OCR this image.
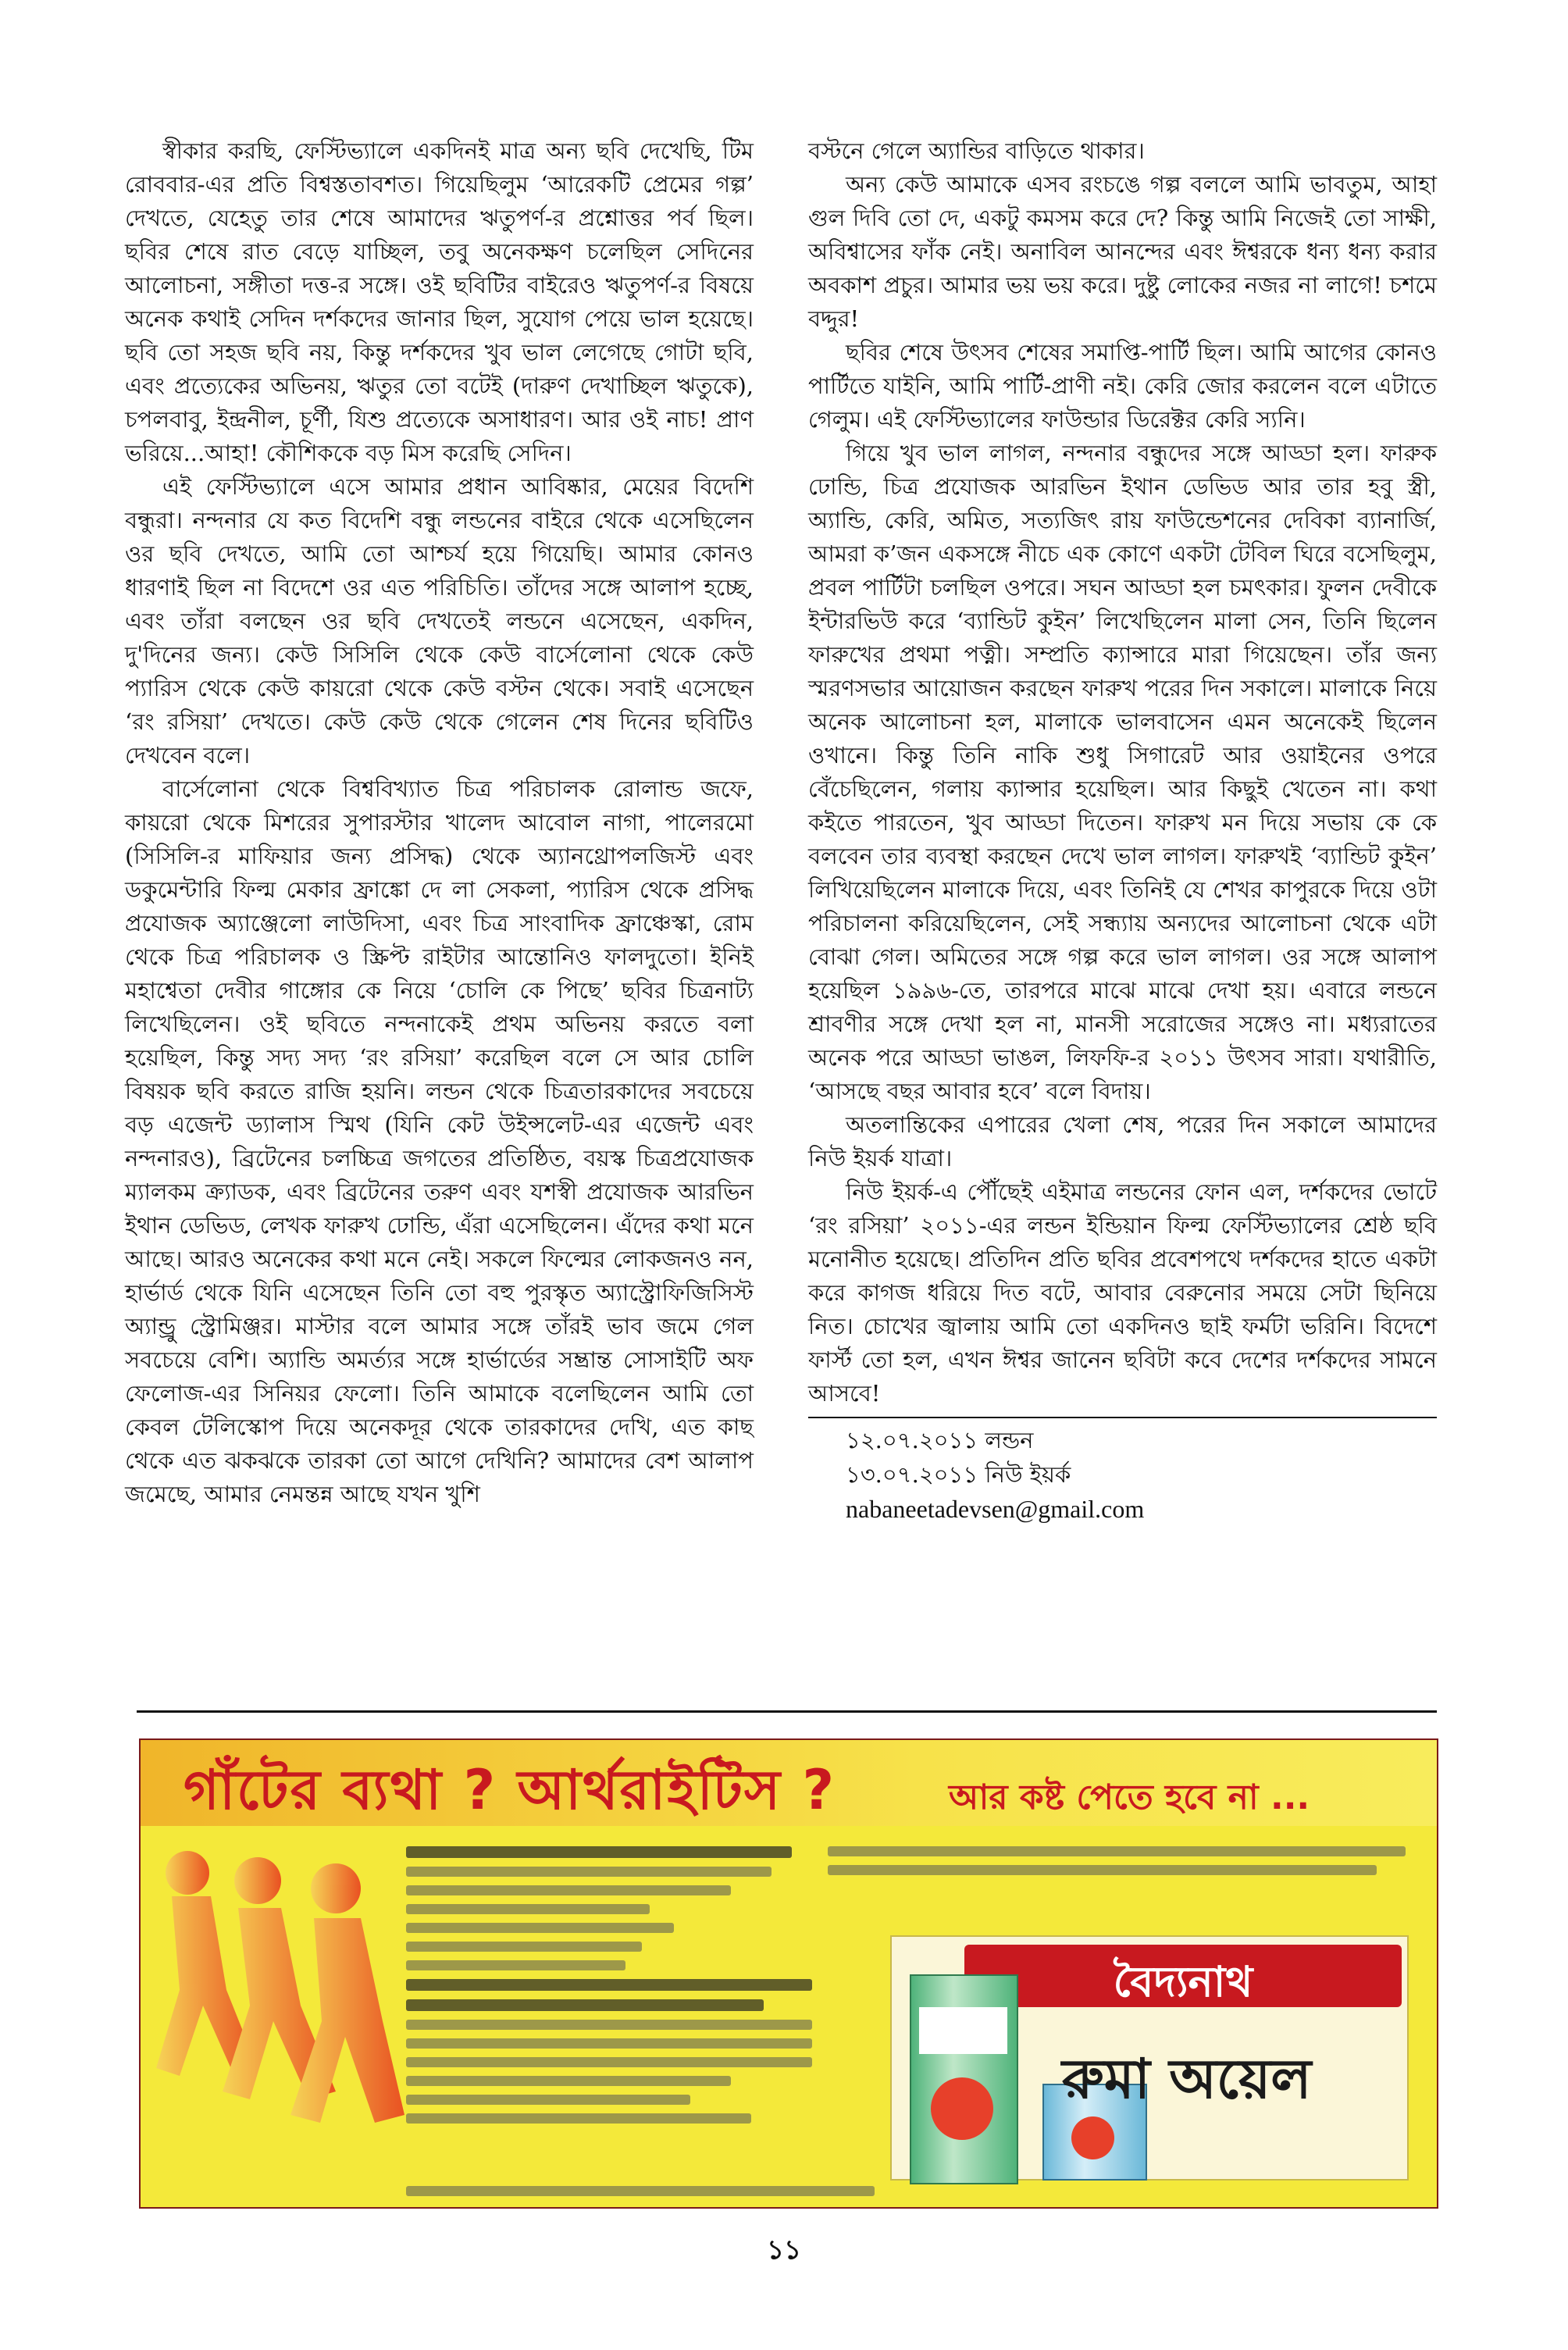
স্বীকার করছি, ফেস্টিভ্যালে একদিনই মাত্র অন্য ছবি দেখেছি, টিম রোববার-এর প্রতি বিশ্বস্ততাবশত। গিয়েছিলুম ‘আরেকটি প্রেমের গল্প’ দেখতে, যেহেতু তার শেষে আমাদের ঋতুপর্ণ-র প্রশ্নোত্তর পর্ব ছিল। ছবির শেষে রাত বেড়ে যাচ্ছিল, তবু অনেকক্ষণ চলেছিল সেদিনের আলোচনা, সঙ্গীতা দত্ত-র সঙ্গে। ওই ছবিটির বাইরেও ঋতুপর্ণ-র বিষয়ে অনেক কথাই সেদিন দর্শকদের জানার ছিল, সুযোগ পেয়ে ভাল হয়েছে। ছবি তো সহজ ছবি নয়, কিন্তু দর্শকদের খুব ভাল লেগেছে গোটা ছবি, এবং প্রত্যেকের অভিনয়, ঋতুর তো বটেই (দারুণ দেখাচ্ছিল ঋতুকে), চপলবাবু, ইন্দ্রনীল, চূর্ণী, যিশু প্রত্যেকে অসাধারণ। আর ওই নাচ! প্রাণ ভরিয়ে...আহা! কৌশিককে বড় মিস করেছি সেদিন।

এই ফেস্টিভ্যালে এসে আমার প্রধান আবিষ্কার, মেয়ের বিদেশি বন্ধুরা। নন্দনার যে কত বিদেশি বন্ধু লন্ডনের বাইরে থেকে এসেছিলেন ওর ছবি দেখতে, আমি তো আশ্চর্য হয়ে গিয়েছি। আমার কোনও ধারণাই ছিল না বিদেশে ওর এত পরিচিতি। তাঁদের সঙ্গে আলাপ হচ্ছে, এবং তাঁরা বলছেন ওর ছবি দেখতেই লন্ডনে এসেছেন, একদিন, দু'দিনের জন্য। কেউ সিসিলি থেকে কেউ বার্সেলোনা থেকে কেউ প্যারিস থেকে কেউ কায়রো থেকে কেউ বস্টন থেকে। সবাই এসেছেন ‘রং রসিয়া’ দেখতে। কেউ কেউ থেকে গেলেন শেষ দিনের ছবিটিও দেখবেন বলে।

বার্সেলোনা থেকে বিশ্ববিখ্যাত চিত্র পরিচালক রোলান্ড জফে, কায়রো থেকে মিশরের সুপারস্টার খালেদ আবোল নাগা, পালেরমো (সিসিলি-র মাফিয়ার জন্য প্রসিদ্ধ) থেকে অ্যানথ্রোপলজিস্ট এবং ডকুমেন্টারি ফিল্ম মেকার ফ্রাঙ্কো দে লা সেকলা, প্যারিস থেকে প্রসিদ্ধ প্রযোজক অ্যাঞ্জেলো লাউদিসা, এবং চিত্র সাংবাদিক ফ্রাঞ্চেস্কা, রোম থেকে চিত্র পরিচালক ও স্ক্রিপ্ট রাইটার আন্তোনিও ফালদুতো। ইনিই মহাশ্বেতা দেবীর গাঙ্গোর কে নিয়ে ‘চোলি কে পিছে’ ছবির চিত্রনাট্য লিখেছিলেন। ওই ছবিতে নন্দনাকেই প্রথম অভিনয় করতে বলা হয়েছিল, কিন্তু সদ্য সদ্য ‘রং রসিয়া’ করেছিল বলে সে আর চোলি বিষয়ক ছবি করতে রাজি হয়নি। লন্ডন থেকে চিত্রতারকাদের সবচেয়ে বড় এজেন্ট ড্যালাস স্মিথ (যিনি কেট উইন্সলেট-এর এজেন্ট এবং নন্দনারও), ব্রিটেনের চলচ্চিত্র জগতের প্রতিষ্ঠিত, বয়স্ক চিত্রপ্রযোজক ম্যালকম ক্র্যাডক, এবং ব্রিটেনের তরুণ এবং যশস্বী প্রযোজক আরভিন ইথান ডেভিড, লেখক ফারুখ ঢোন্ডি, এঁরা এসেছিলেন। এঁদের কথা মনে আছে। আরও অনেকের কথা মনে নেই। সকলে ফিল্মের লোকজনও নন, হার্ভার্ড থেকে যিনি এসেছেন তিনি তো বহু পুরস্কৃত অ্যাস্ট্রোফিজিসিস্ট অ্যান্ড্রু স্ট্রোমিঞ্জর। মাস্টার বলে আমার সঙ্গে তাঁরই ভাব জমে গেল সবচেয়ে বেশি। অ্যান্ডি অমর্ত্যর সঙ্গে হার্ভার্ডের সম্ভ্রান্ত সোসাইটি অফ ফেলোজ-এর সিনিয়র ফেলো। তিনি আমাকে বলেছিলেন আমি তো কেবল টেলিস্কোপ দিয়ে অনেকদূর থেকে তারকাদের দেখি, এত কাছ থেকে এত ঝকঝকে তারকা তো আগে দেখিনি? আমাদের বেশ আলাপ জমেছে, আমার নেমন্তন্ন আছে যখন খুশি

বস্টনে গেলে অ্যান্ডির বাড়িতে থাকার।

অন্য কেউ আমাকে এসব রংচঙে গল্প বললে আমি ভাবতুম, আহা গুল দিবি তো দে, একটু কমসম করে দে? কিন্তু আমি নিজেই তো সাক্ষী, অবিশ্বাসের ফাঁক নেই। অনাবিল আনন্দের এবং ঈশ্বরকে ধন্য ধন্য করার অবকাশ প্রচুর। আমার ভয় ভয় করে। দুষ্টু লোকের নজর না লাগে! চশমে বদ্দুর!

ছবির শেষে উৎসব শেষের সমাপ্তি-পার্টি ছিল। আমি আগের কোনও পার্টিতে যাইনি, আমি পার্টি-প্রাণী নই। কেরি জোর করলেন বলে এটাতে গেলুম। এই ফেস্টিভ্যালের ফাউন্ডার ডিরেক্টর কেরি স্যনি।

গিয়ে খুব ভাল লাগল, নন্দনার বন্ধুদের সঙ্গে আড্ডা হল। ফারুক ঢোন্ডি, চিত্র প্রযোজক আরভিন ইথান ডেভিড আর তার হবু স্ত্রী, অ্যান্ডি, কেরি, অমিত, সত্যজিৎ রায় ফাউন্ডেশনের দেবিকা ব্যানার্জি, আমরা ক’জন একসঙ্গে নীচে এক কোণে একটা টেবিল ঘিরে বসেছিলুম, প্রবল পার্টিটা চলছিল ওপরে। সঘন আড্ডা হল চমৎকার। ফুলন দেবীকে ইন্টারভিউ করে ‘ব্যান্ডিট কুইন’ লিখেছিলেন মালা সেন, তিনি ছিলেন ফারুখের প্রথমা পত্নী। সম্প্রতি ক্যান্সারে মারা গিয়েছেন। তাঁর জন্য স্মরণসভার আয়োজন করছেন ফারুখ পরের দিন সকালে। মালাকে নিয়ে অনেক আলোচনা হল, মালাকে ভালবাসেন এমন অনেকেই ছিলেন ওখানে। কিন্তু তিনি নাকি শুধু সিগারেট আর ওয়াইনের ওপরে বেঁচেছিলেন, গলায় ক্যান্সার হয়েছিল। আর কিছুই খেতেন না। কথা কইতে পারতেন, খুব আড্ডা দিতেন। ফারুখ মন দিয়ে সভায় কে কে বলবেন তার ব্যবস্থা করছেন দেখে ভাল লাগল। ফারুখই ‘ব্যান্ডিট কুইন’ লিখিয়েছিলেন মালাকে দিয়ে, এবং তিনিই যে শেখর কাপুরকে দিয়ে ওটা পরিচালনা করিয়েছিলেন, সেই সন্ধ্যায় অন্যদের আলোচনা থেকে এটা বোঝা গেল। অমিতের সঙ্গে গল্প করে ভাল লাগল। ওর সঙ্গে আলাপ হয়েছিল ১৯৯৬-তে, তারপরে মাঝে মাঝে দেখা হয়। এবারে লন্ডনে শ্রাবণীর সঙ্গে দেখা হল না, মানসী সরোজের সঙ্গেও না। মধ্যরাতের অনেক পরে আড্ডা ভাঙল, লিফফি-র ২০১১ উৎসব সারা। যথারীতি, ‘আসছে বছর আবার হবে’ বলে বিদায়।

অতলান্তিকের এপারের খেলা শেষ, পরের দিন সকালে আমাদের নিউ ইয়র্ক যাত্রা।

নিউ ইয়র্ক-এ পৌঁছেই এইমাত্র লন্ডনের ফোন এল, দর্শকদের ভোটে ‘রং রসিয়া’ ২০১১-এর লন্ডন ইন্ডিয়ান ফিল্ম ফেস্টিভ্যালের শ্রেষ্ঠ ছবি মনোনীত হয়েছে। প্রতিদিন প্রতি ছবির প্রবেশপথে দর্শকদের হাতে একটা করে কাগজ ধরিয়ে দিত বটে, আবার বেরুনোর সময়ে সেটা ছিনিয়ে নিত। চোখের জ্বালায় আমি তো একদিনও ছাই ফর্মটা ভরিনি। বিদেশে ফার্স্ট তো হল, এখন ঈশ্বর জানেন ছবিটা কবে দেশের দর্শকদের সামনে আসবে!

১২.০৭.২০১১ লন্ডন
১৩.০৭.২০১১ নিউ ইয়র্ক
nabaneetadevsen@gmail.com
গাঁটের ব্যথা ? আর্থরাইটিস ?	আর কষ্ট পেতে হবে না ...
বৈদ্যনাথ
রুমা অয়েল
১১
